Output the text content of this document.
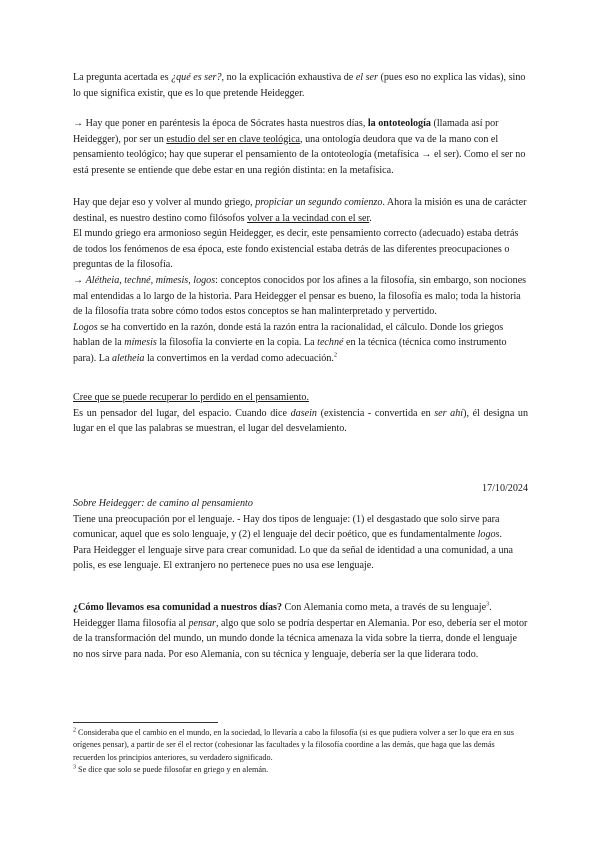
La pregunta acertada es ¿qué es ser?, no la explicación exhaustiva de el ser (pues eso no explica las vidas), sino lo que significa existir, que es lo que pretende Heidegger.

→ Hay que poner en paréntesis la época de Sócrates hasta nuestros días, la ontoteología (llamada así por Heidegger), por ser un estudio del ser en clave teológica, una ontología deudora que va de la mano con el pensamiento teológico; hay que superar el pensamiento de la ontoteología (metafísica → el ser). Como el ser no está presente se entiende que debe estar en una región distinta: en la metafísica.

Hay que dejar eso y volver al mundo griego, propiciar un segundo comienzo. Ahora la misión es una de carácter destinal, es nuestro destino como filósofos volver a la vecindad con el ser.

El mundo griego era armonioso según Heidegger, es decir, este pensamiento correcto (adecuado) estaba detrás de todos los fenómenos de esa época, este fondo existencial estaba detrás de las diferentes preocupaciones o preguntas de la filosofía.

→ Alétheia, techné, mímesis, logos: conceptos conocidos por los afines a la filosofía, sin embargo, son nociones mal entendidas a lo largo de la historia. Para Heidegger el pensar es bueno, la filosofía es malo; toda la historia de la filosofía trata sobre cómo todos estos conceptos se han malinterpretado y pervertido.

Logos se ha convertido en la razón, donde está la razón entra la racionalidad, el cálculo. Donde los griegos hablan de la mímesis la filosofía la convierte en la copia. La techné en la técnica (técnica como instrumento para). La aletheia la convertimos en la verdad como adecuación.$^2$

Cree que se puede recuperar lo perdido en el pensamiento.

Es un pensador del lugar, del espacio. Cuando dice dasein (existencia - convertida en ser ahí), él designa un lugar en el que las palabras se muestran, el lugar del desvelamiento.

17/10/2024

Sobre Heidegger: de camino al pensamiento

Tiene una preocupación por el lenguaje. - Hay dos tipos de lenguaje: (1) el desgastado que solo sirve para comunicar, aquel que es solo lenguaje, y (2) el lenguaje del decir poético, que es fundamentalmente logos.

Para Heidegger el lenguaje sirve para crear comunidad. Lo que da señal de identidad a una comunidad, a una polis, es ese lenguaje. El extranjero no pertenece pues no usa ese lenguaje.

¿Cómo llevamos esa comunidad a nuestros días? Con Alemania como meta, a través de su lenguaje$^3$.

Heidegger llama filosofía al pensar, algo que solo se podría despertar en Alemania. Por eso, debería ser el motor de la transformación del mundo, un mundo donde la técnica amenaza la vida sobre la tierra, donde el lenguaje no nos sirve para nada. Por eso Alemania, con su técnica y lenguaje, debería ser la que liderara todo.

$^2$ Consideraba que el cambio en el mundo, en la sociedad, lo llevaría a cabo la filosofía (si es que pudiera volver a ser lo que era en sus orígenes pensar), a partir de ser él el rector (cohesionar las facultades y la filosofía coordine a las demás, que haga que las demás recuerden los principios anteriores, su verdadero significado.

$^3$ Se dice que solo se puede filosofar en griego y en alemán.
